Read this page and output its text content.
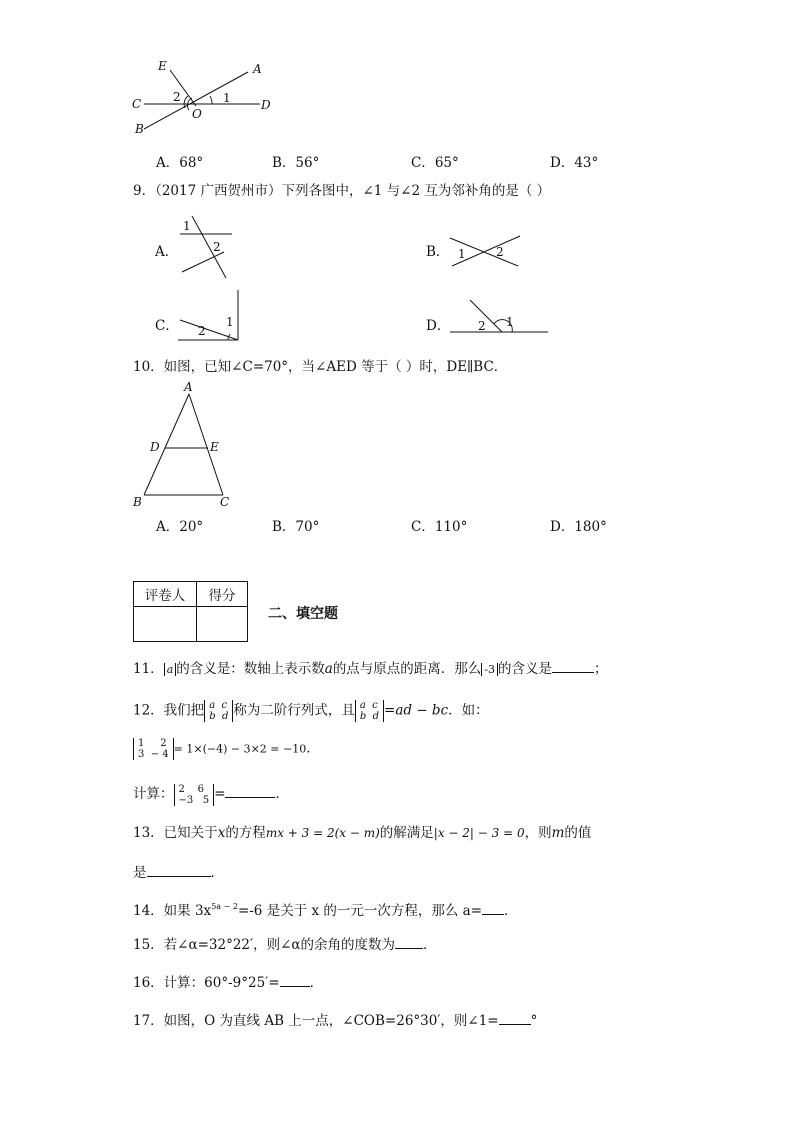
E	A
C	D
B
O
1
2
A．68°	B．56°	C．65°	D．43°
9．（2017 广西贺州市）下列各图中，∠1 与∠2 互为邻补角的是（ ）
A．
1
2	B． 1	2
C．	1
2	D．	1
2
10．如图，已知∠C=70°，当∠AED 等于（ ）时，DE∥BC．
A
D	E
B	C
A．20°	B．70°	C．110°	D．180°
评卷人	得分

二、填空题
11． a 的含义是：数轴上表示数a的点与原点的距离．那么 -3 的含义是	；
12．我们把 a  c
b  d 称为二阶行列式，且 a  c
b  d =ad − bc．如：
1     2
3  − 4 = 1×(−4) − 3×2 = −10．
计算： 2    6
−3   5 =	．
13．已知关于x的方程mx + 3 = 2(x − m)的解满足|x − 2| − 3 = 0，则m的值
是	．
14．如果 $3x^{5a - 2}=-6$ 是关于 x 的一元一次方程，那么 a= ．
15．若∠α=32°22′，则∠α的余角的度数为 ．
16．计算：60°-9°25′= ．
17．如图，O 为直线 AB 上一点，∠COB=26°30′，则∠1= °
